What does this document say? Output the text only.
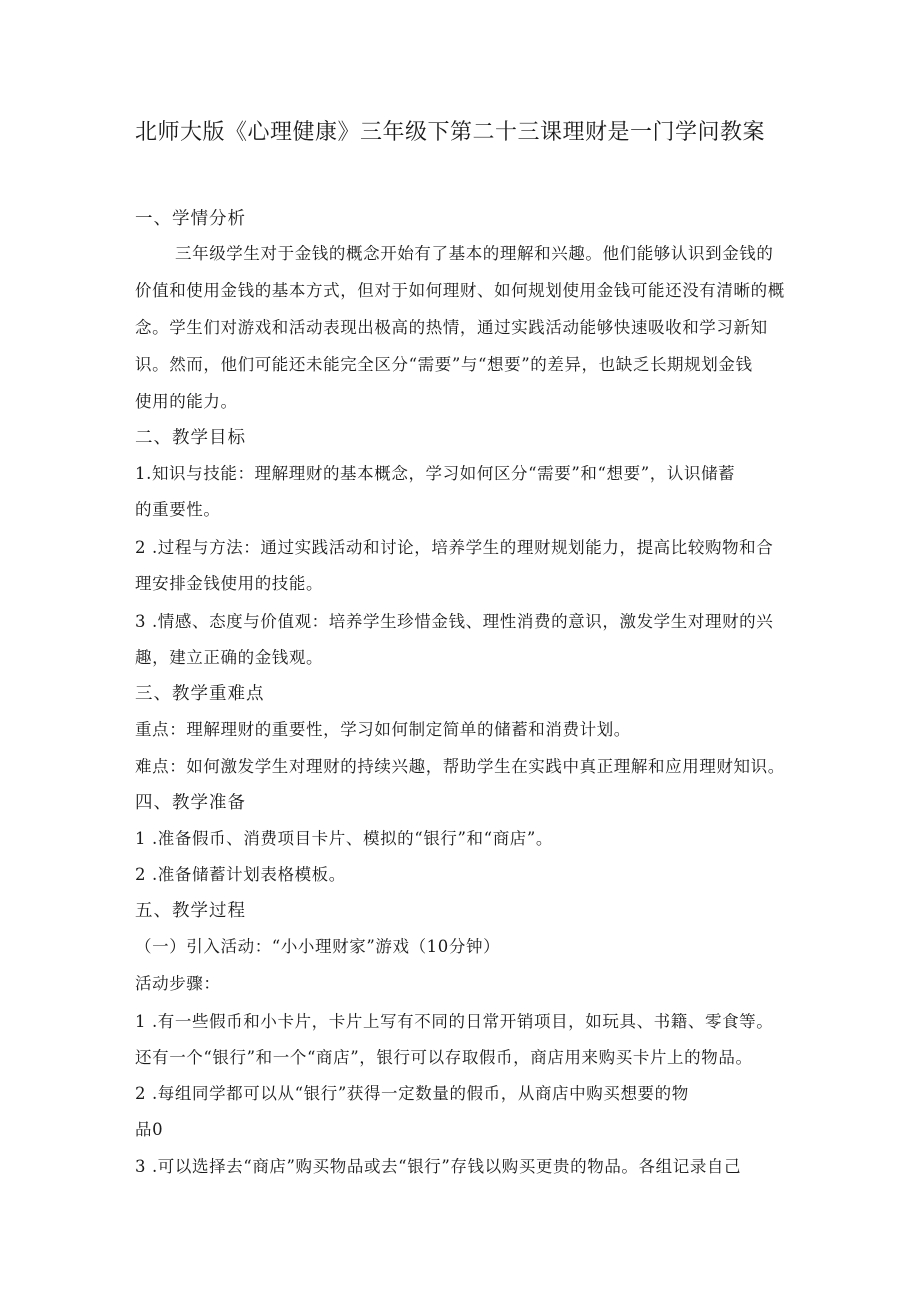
北师大版《心理健康》三年级下第二十三课理财是一门学问教案
一、学情分析
三年级学生对于金钱的概念开始有了基本的理解和兴趣。他们能够认识到金钱的
价值和使用金钱的基本方式，但对于如何理财、如何规划使用金钱可能还没有清晰的概
念。学生们对游戏和活动表现出极高的热情，通过实践活动能够快速吸收和学习新知
识。然而，他们可能还未能完全区分“需要”与“想要”的差异，也缺乏长期规划金钱
使用的能力。
二、教学目标
1.知识与技能：理解理财的基本概念，学习如何区分“需要”和“想要”，认识储蓄
的重要性。
2 .过程与方法：通过实践活动和讨论，培养学生的理财规划能力，提高比较购物和合
理安排金钱使用的技能。
3 .情感、态度与价值观：培养学生珍惜金钱、理性消费的意识，激发学生对理财的兴
趣，建立正确的金钱观。
三、教学重难点
重点：理解理财的重要性，学习如何制定简单的储蓄和消费计划。
难点：如何激发学生对理财的持续兴趣，帮助学生在实践中真正理解和应用理财知识。
四、教学准备
1 .准备假币、消费项目卡片、模拟的“银行”和“商店”。
2 .准备储蓄计划表格模板。
五、教学过程
（一）引入活动：“小小理财家”游戏（10分钟）
活动步骤：
1 .有一些假币和小卡片，卡片上写有不同的日常开销项目，如玩具、书籍、零食等。
还有一个“银行”和一个“商店”，银行可以存取假币，商店用来购买卡片上的物品。
2 .每组同学都可以从“银行”获得一定数量的假币，从商店中购买想要的物
品0
3 .可以选择去“商店”购买物品或去“银行”存钱以购买更贵的物品。各组记录自己
